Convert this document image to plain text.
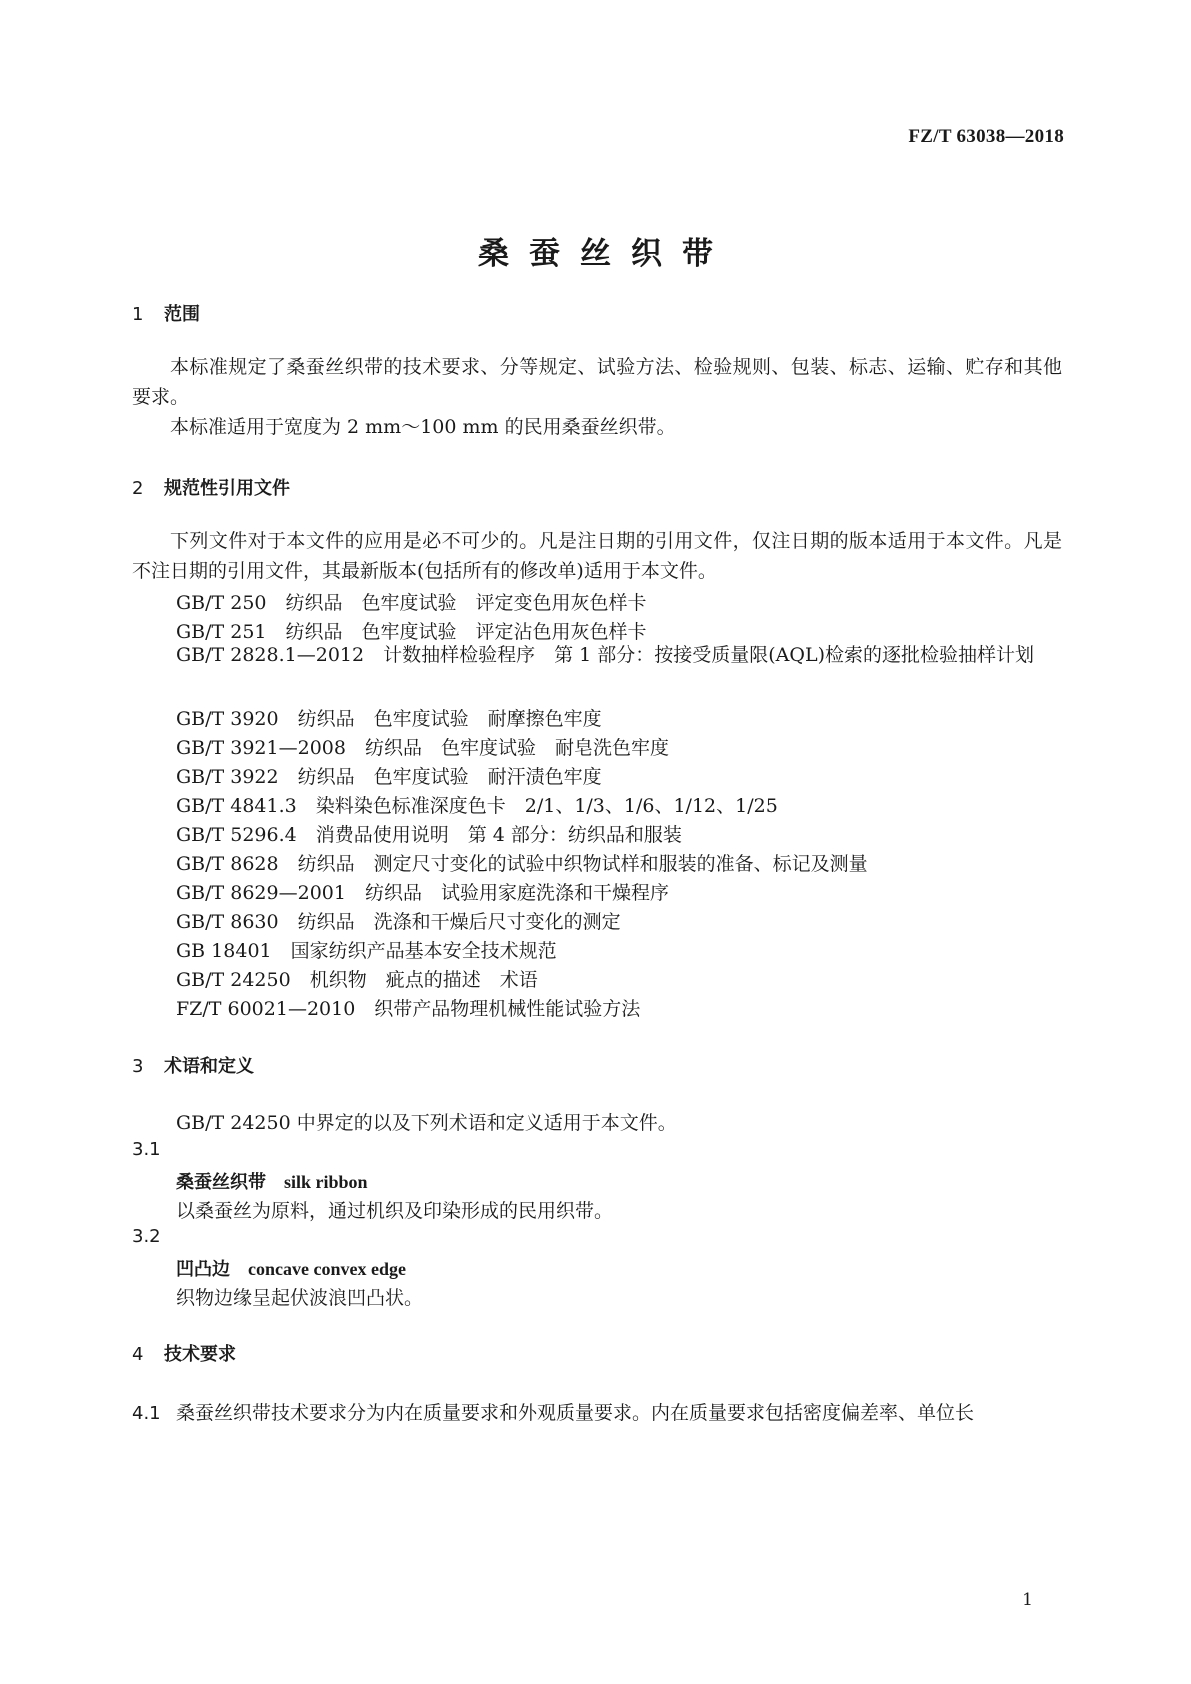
FZ/T 63038—2018
桑蚕丝织带
1 范围
本标准规定了桑蚕丝织带的技术要求、分等规定、试验方法、检验规则、包装、标志、运输、贮存和其他要求。
本标准适用于宽度为 2 mm～100 mm 的民用桑蚕丝织带。
2 规范性引用文件
下列文件对于本文件的应用是必不可少的。凡是注日期的引用文件，仅注日期的版本适用于本文件。凡是不注日期的引用文件，其最新版本(包括所有的修改单)适用于本文件。
GB/T 250　纺织品　色牢度试验　评定变色用灰色样卡
GB/T 251　纺织品　色牢度试验　评定沾色用灰色样卡
GB/T 2828.1—2012　计数抽样检验程序　第 1 部分：按接受质量限(AQL)检索的逐批检验抽样计划
GB/T 3920　纺织品　色牢度试验　耐摩擦色牢度
GB/T 3921—2008　纺织品　色牢度试验　耐皂洗色牢度
GB/T 3922　纺织品　色牢度试验　耐汗渍色牢度
GB/T 4841.3　染料染色标准深度色卡　2/1、1/3、1/6、1/12、1/25
GB/T 5296.4　消费品使用说明　第 4 部分：纺织品和服装
GB/T 8628　纺织品　测定尺寸变化的试验中织物试样和服装的准备、标记及测量
GB/T 8629—2001　纺织品　试验用家庭洗涤和干燥程序
GB/T 8630　纺织品　洗涤和干燥后尺寸变化的测定
GB 18401　国家纺织产品基本安全技术规范
GB/T 24250　机织物　疵点的描述　术语
FZ/T 60021—2010　织带产品物理机械性能试验方法
3 术语和定义
GB/T 24250 中界定的以及下列术语和定义适用于本文件。
3.1
桑蚕丝织带 silk ribbon
以桑蚕丝为原料，通过机织及印染形成的民用织带。
3.2
凹凸边 concave convex edge
织物边缘呈起伏波浪凹凸状。
4 技术要求
4.1 桑蚕丝织带技术要求分为内在质量要求和外观质量要求。内在质量要求包括密度偏差率、单位长
1
